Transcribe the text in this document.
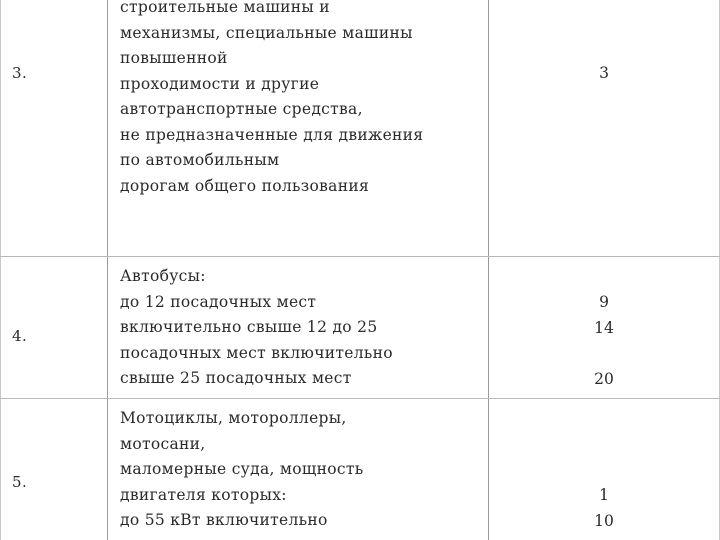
3.
строительные машины и
механизмы, специальные машины
повышенной
проходимости и другие
автотранспортные средства,
не предназначенные для движения
по автомобильным
дорогам общего пользования
3
4.
Автобусы:
до 12 посадочных мест
включительно свыше 12 до 25
посадочных мест включительно
свыше 25 посадочных мест
9
14
20
5.
Мотоциклы, мотороллеры,
мотосани,
маломерные суда, мощность
двигателя которых:
до 55 кВт включительно
1
10
